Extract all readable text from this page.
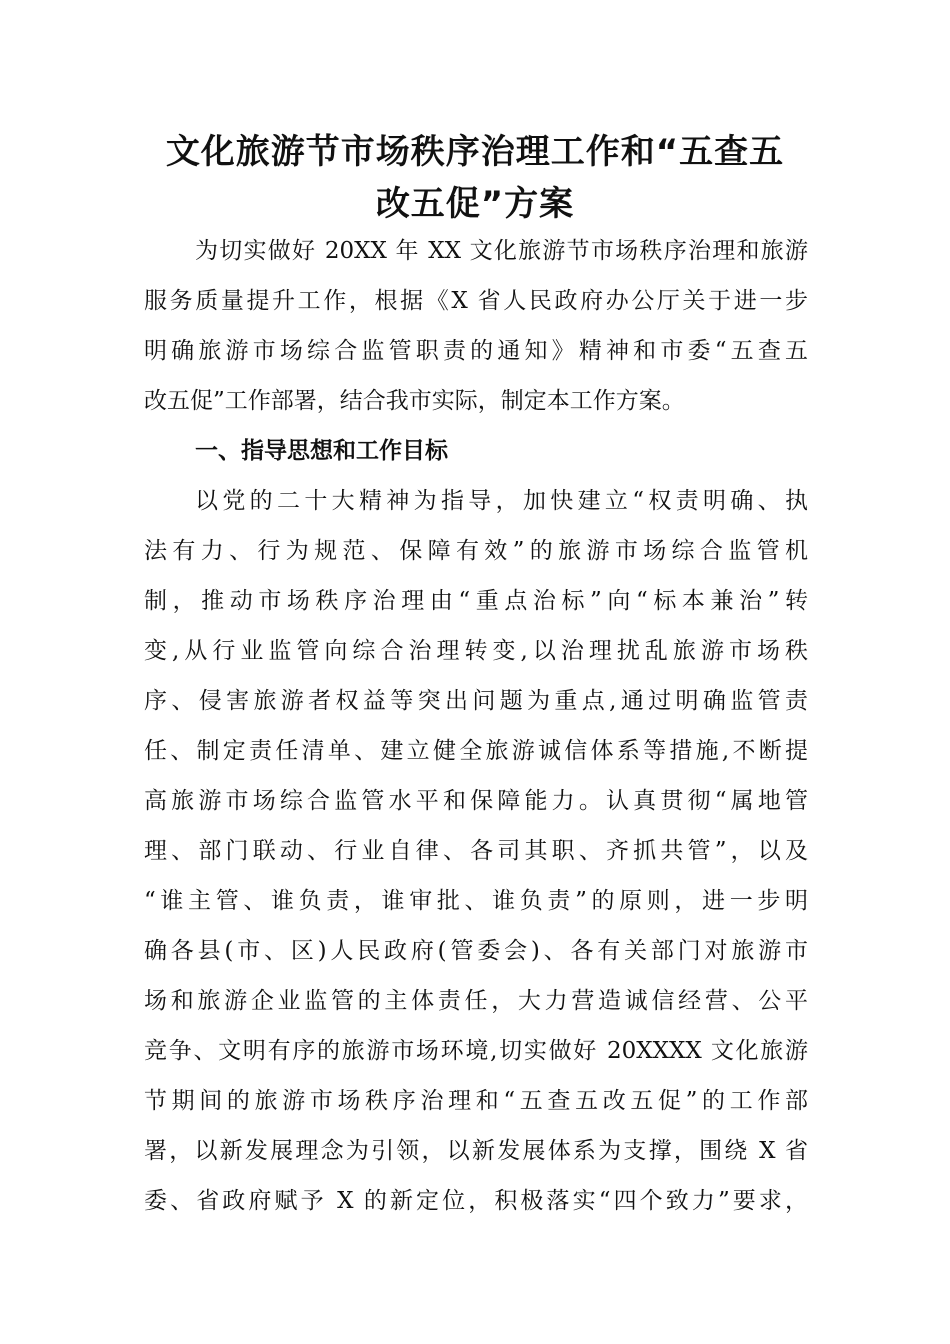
文化旅游节市场秩序治理工作和“五查五
改五促”方案
为切实做好 20XX 年 XX 文化旅游节市场秩序治理和旅游
服务质量提升工作，根据《X 省人民政府办公厅关于进一步
明确旅游市场综合监管职责的通知》精神和市委“五查五
改五促”工作部署，结合我市实际，制定本工作方案。
一、指导思想和工作目标
以党的二十大精神为指导，加快建立“权责明确、执
法有力、行为规范、保障有效”的旅游市场综合监管机
制，推动市场秩序治理由“重点治标”向“标本兼治”转
变,从行业监管向综合治理转变,以治理扰乱旅游市场秩
序、侵害旅游者权益等突出问题为重点,通过明确监管责
任、制定责任清单、建立健全旅游诚信体系等措施,不断提
高旅游市场综合监管水平和保障能力。认真贯彻“属地管
理、部门联动、行业自律、各司其职、齐抓共管”，以及
“谁主管、谁负责，谁审批、谁负责”的原则，进一步明
确各县(市、区)人民政府(管委会)、各有关部门对旅游市
场和旅游企业监管的主体责任，大力营造诚信经营、公平
竞争、文明有序的旅游市场环境,切实做好 20XXXX 文化旅游
节期间的旅游市场秩序治理和“五查五改五促”的工作部
署，以新发展理念为引领，以新发展体系为支撑，围绕 X 省
委、省政府赋予 X 的新定位，积极落实“四个致力”要求，
